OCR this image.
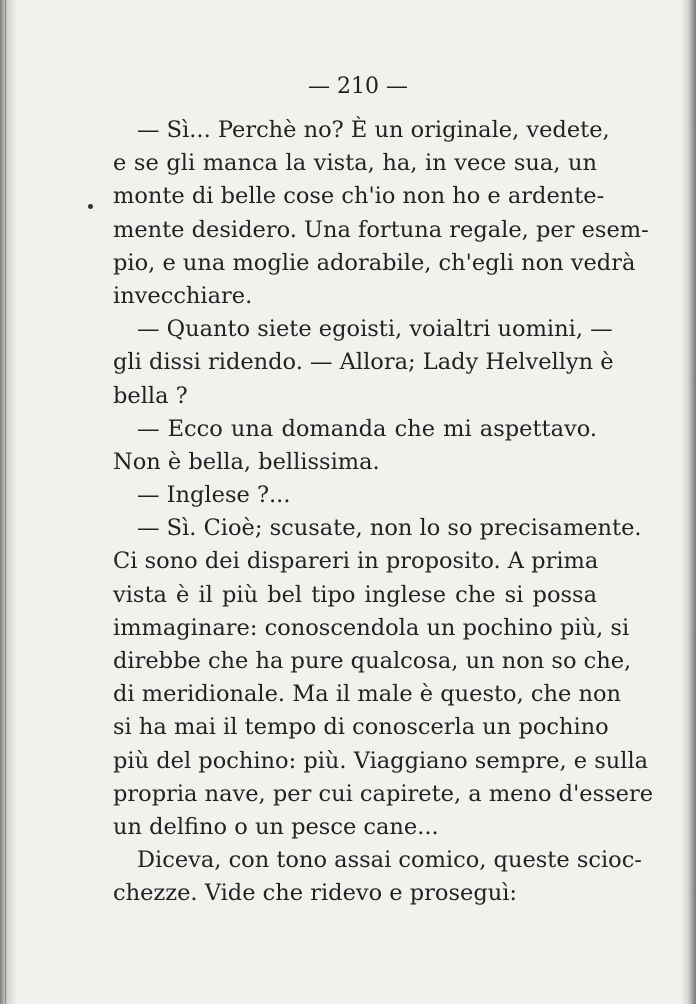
— 210 —
— Sì... Perchè no? È un originale, vedete,
e se gli manca la vista, ha, in vece sua, un
monte di belle cose ch'io non ho e ardente-
mente desidero. Una fortuna regale, per esem-
pio, e una moglie adorabile, ch'egli non vedrà
invecchiare.
— Quanto siete egoisti, voialtri uomini, —
gli dissi ridendo. — Allora; Lady Helvellyn è
bella ?
— Ecco una domanda che mi aspettavo.
Non è bella, bellissima.
— Inglese ?...
— Sì. Cioè; scusate, non lo so precisamente.
Ci sono dei dispareri in proposito. A prima
vista è il più bel tipo inglese che si possa
immaginare: conoscendola un pochino più, si
direbbe che ha pure qualcosa, un non so che,
di meridionale. Ma il male è questo, che non
si ha mai il tempo di conoscerla un pochino
più del pochino: più. Viaggiano sempre, e sulla
propria nave, per cui capirete, a meno d'essere
un delfino o un pesce cane...
Diceva, con tono assai comico, queste scioc-
chezze. Vide che ridevo e proseguì:
